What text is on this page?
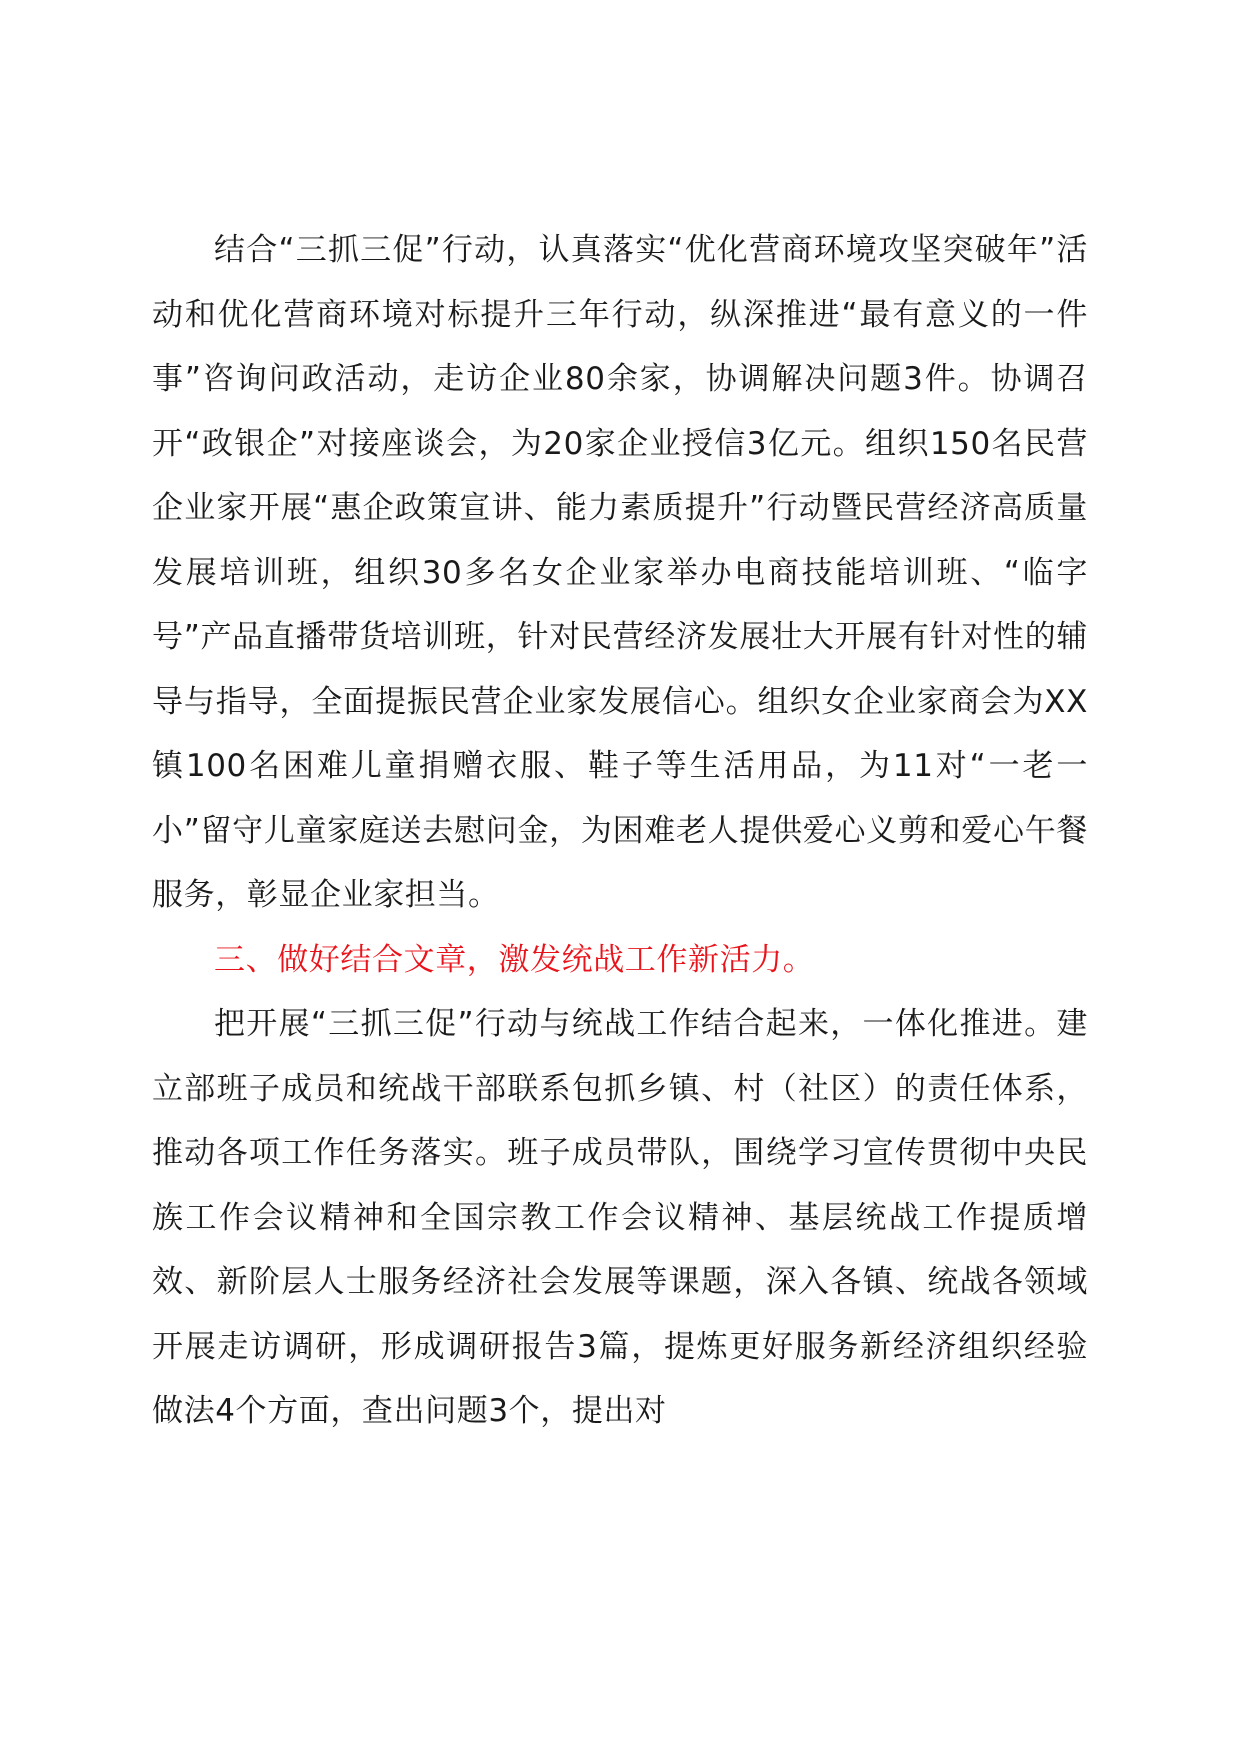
结合“三抓三促”行动，认真落实“优化营商环境攻坚突破年”活动和优化营商环境对标提升三年行动，纵深推进“最有意义的一件事”咨询问政活动，走访企业80余家，协调解决问题3件。协调召开“政银企”对接座谈会，为20家企业授信3亿元。组织150名民营企业家开展“惠企政策宣讲、能力素质提升”行动暨民营经济高质量发展培训班，组织30多名女企业家举办电商技能培训班、“临字号”产品直播带货培训班，针对民营经济发展壮大开展有针对性的辅导与指导，全面提振民营企业家发展信心。组织女企业家商会为XX镇100名困难儿童捐赠衣服、鞋子等生活用品，为11对“一老一小”留守儿童家庭送去慰问金，为困难老人提供爱心义剪和爱心午餐服务，彰显企业家担当。

三、做好结合文章，激发统战工作新活力。

把开展“三抓三促”行动与统战工作结合起来，一体化推进。建立部班子成员和统战干部联系包抓乡镇、村（社区）的责任体系，推动各项工作任务落实。班子成员带队，围绕学习宣传贯彻中央民族工作会议精神和全国宗教工作会议精神、基层统战工作提质增效、新阶层人士服务经济社会发展等课题，深入各镇、统战各领域开展走访调研，形成调研报告3篇，提炼更好服务新经济组织经验做法4个方面，查出问题3个，提出对
